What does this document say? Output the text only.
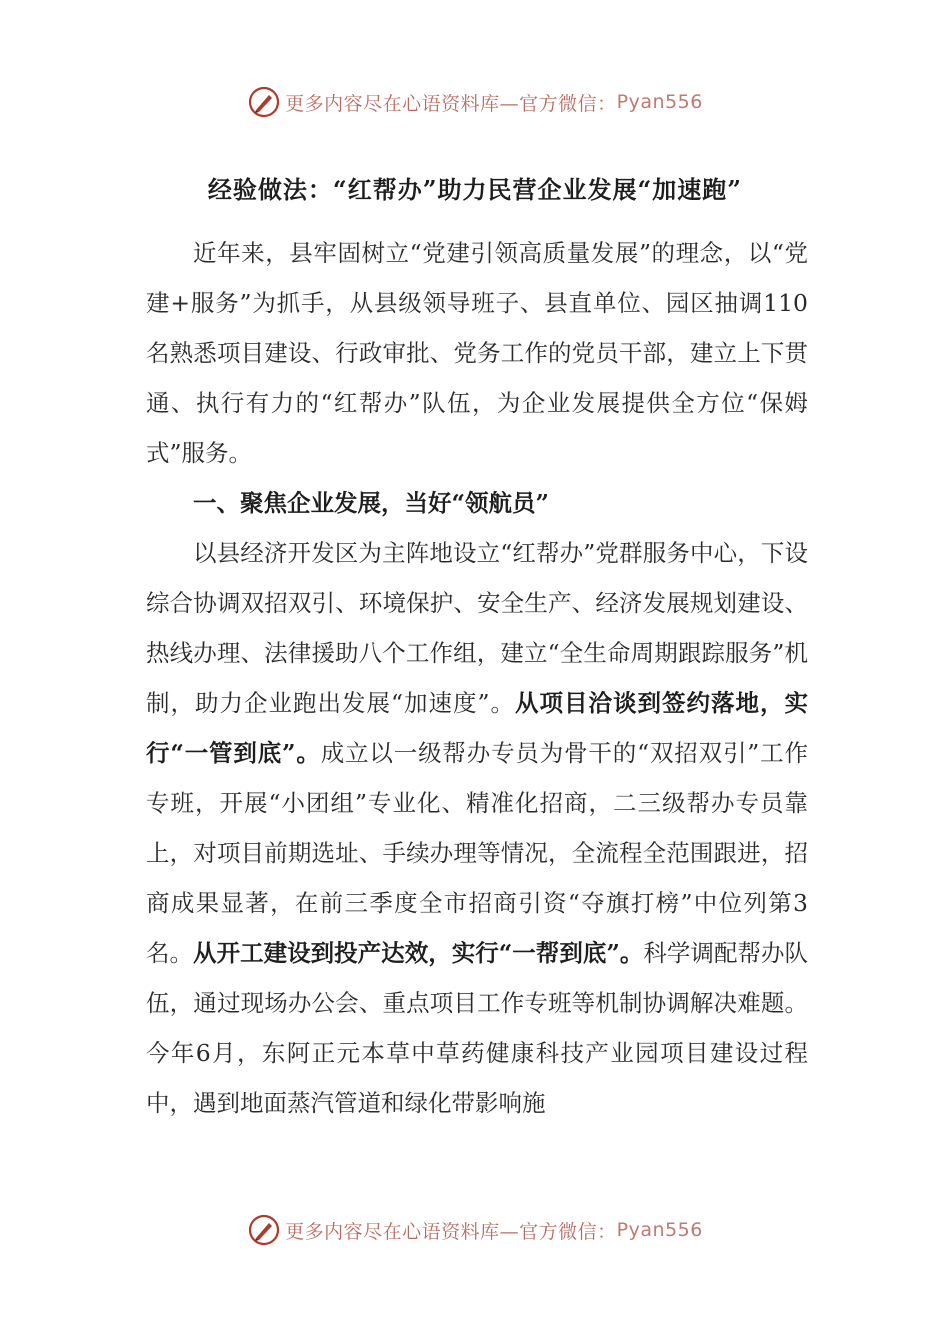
更多内容尽在心语资料库—官方微信： Pyan556
经验做法：“红帮办”助力民营企业发展“加速跑”

近年来，县牢固树立“党建引领高质量发展”的理念，以“党建+服务”为抓手，从县级领导班子、县直单位、园区抽调110名熟悉项目建设、行政审批、党务工作的党员干部，建立上下贯通、执行有力的“红帮办”队伍，为企业发展提供全方位“保姆式”服务。

一、聚焦企业发展，当好“领航员”

以县经济开发区为主阵地设立“红帮办”党群服务中心，下设综合协调双招双引、环境保护、安全生产、经济发展规划建设、热线办理、法律援助八个工作组，建立“全生命周期跟踪服务”机制，助力企业跑出发展“加速度”。从项目洽谈到签约落地，实行“一管到底”。成立以一级帮办专员为骨干的“双招双引”工作专班，开展“小团组”专业化、精准化招商，二三级帮办专员靠上，对项目前期选址、手续办理等情况，全流程全范围跟进，招商成果显著，在前三季度全市招商引资“夺旗打榜”中位列第3名。从开工建设到投产达效，实行“一帮到底”。科学调配帮办队伍，通过现场办公会、重点项目工作专班等机制协调解决难题。今年6月，东阿正元本草中草药健康科技产业园项目建设过程中，遇到地面蒸汽管道和绿化带影响施

更多内容尽在心语资料库—官方微信： Pyan556
